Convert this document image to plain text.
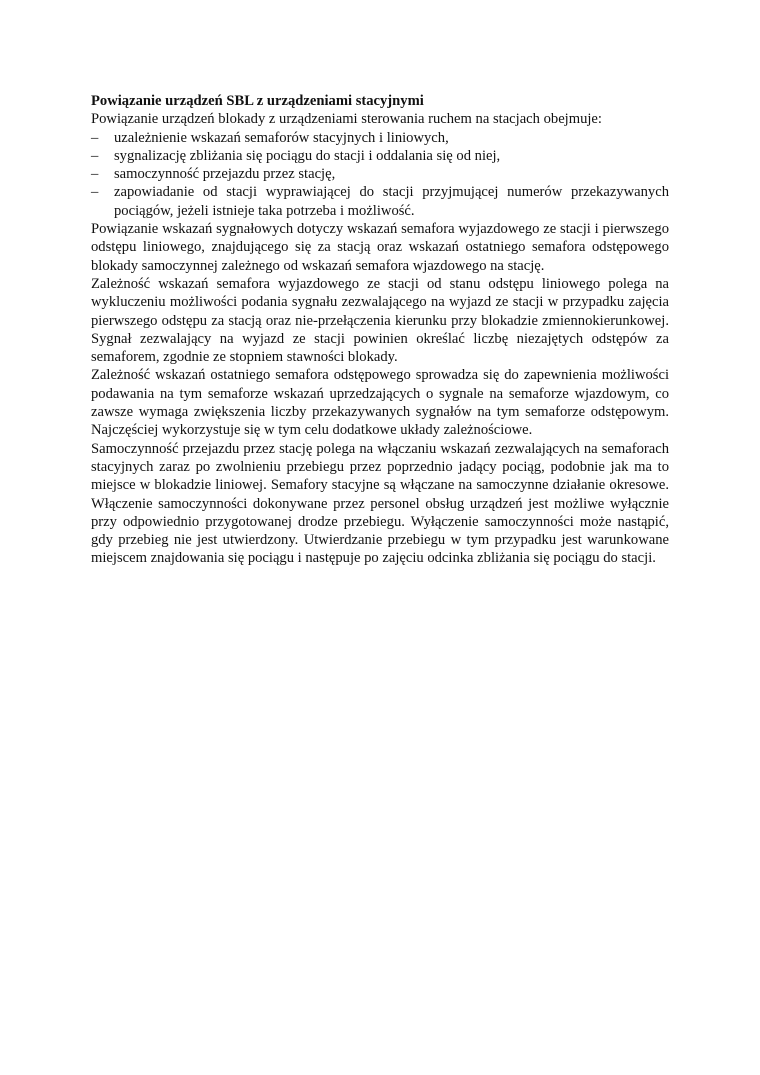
Powiązanie urządzeń SBL z urządzeniami stacyjnymi
Powiązanie urządzeń blokady z urządzeniami sterowania ruchem na stacjach obejmuje:
– uzależnienie wskazań semaforów stacyjnych i liniowych,
– sygnalizację zbliżania się pociągu do stacji i oddalania się od niej,
– samoczynność przejazdu przez stację,
– zapowiadanie od stacji wyprawiającej do stacji przyjmującej numerów przekazywanych pociągów, jeżeli istnieje taka potrzeba i możliwość.

Powiązanie wskazań sygnałowych dotyczy wskazań semafora wyjazdowego ze stacji i pierwszego odstępu liniowego, znajdującego się za stacją oraz wskazań ostatniego semafora odstępowego blokady samoczynnej zależnego od wskazań semafora wjazdowego na stację.

Zależność wskazań semafora wyjazdowego ze stacji od stanu odstępu liniowego polega na wykluczeniu możliwości podania sygnału zezwalającego na wyjazd ze stacji w przypadku zajęcia pierwszego odstępu za stacją oraz nie-przełączenia kierunku przy blokadzie zmiennokierunkowej. Sygnał zezwalający na wyjazd ze stacji powinien określać liczbę niezajętych odstępów za semaforem, zgodnie ze stopniem stawności blokady.

Zależność wskazań ostatniego semafora odstępowego sprowadza się do zapewnienia możliwości podawania na tym semaforze wskazań uprzedzających o sygnale na semaforze wjazdowym, co zawsze wymaga zwiększenia liczby przekazywanych sygnałów na tym semaforze odstępowym. Najczęściej wykorzystuje się w tym celu dodatkowe układy zależnościowe.

Samoczynność przejazdu przez stację polega na włączaniu wskazań zezwalających na semaforach stacyjnych zaraz po zwolnieniu przebiegu przez poprzednio jadący pociąg, podobnie jak ma to miejsce w blokadzie liniowej. Semafory stacyjne są włączane na samoczynne działanie okresowe. Włączenie samoczynności dokonywane przez personel obsług urządzeń jest możliwe wyłącznie przy odpowiednio przygotowanej drodze przebiegu. Wyłączenie samoczynności może nastąpić, gdy przebieg nie jest utwierdzony. Utwierdzanie przebiegu w tym przypadku jest warunkowane miejscem znajdowania się pociągu i następuje po zajęciu odcinka zbliżania się pociągu do stacji.
